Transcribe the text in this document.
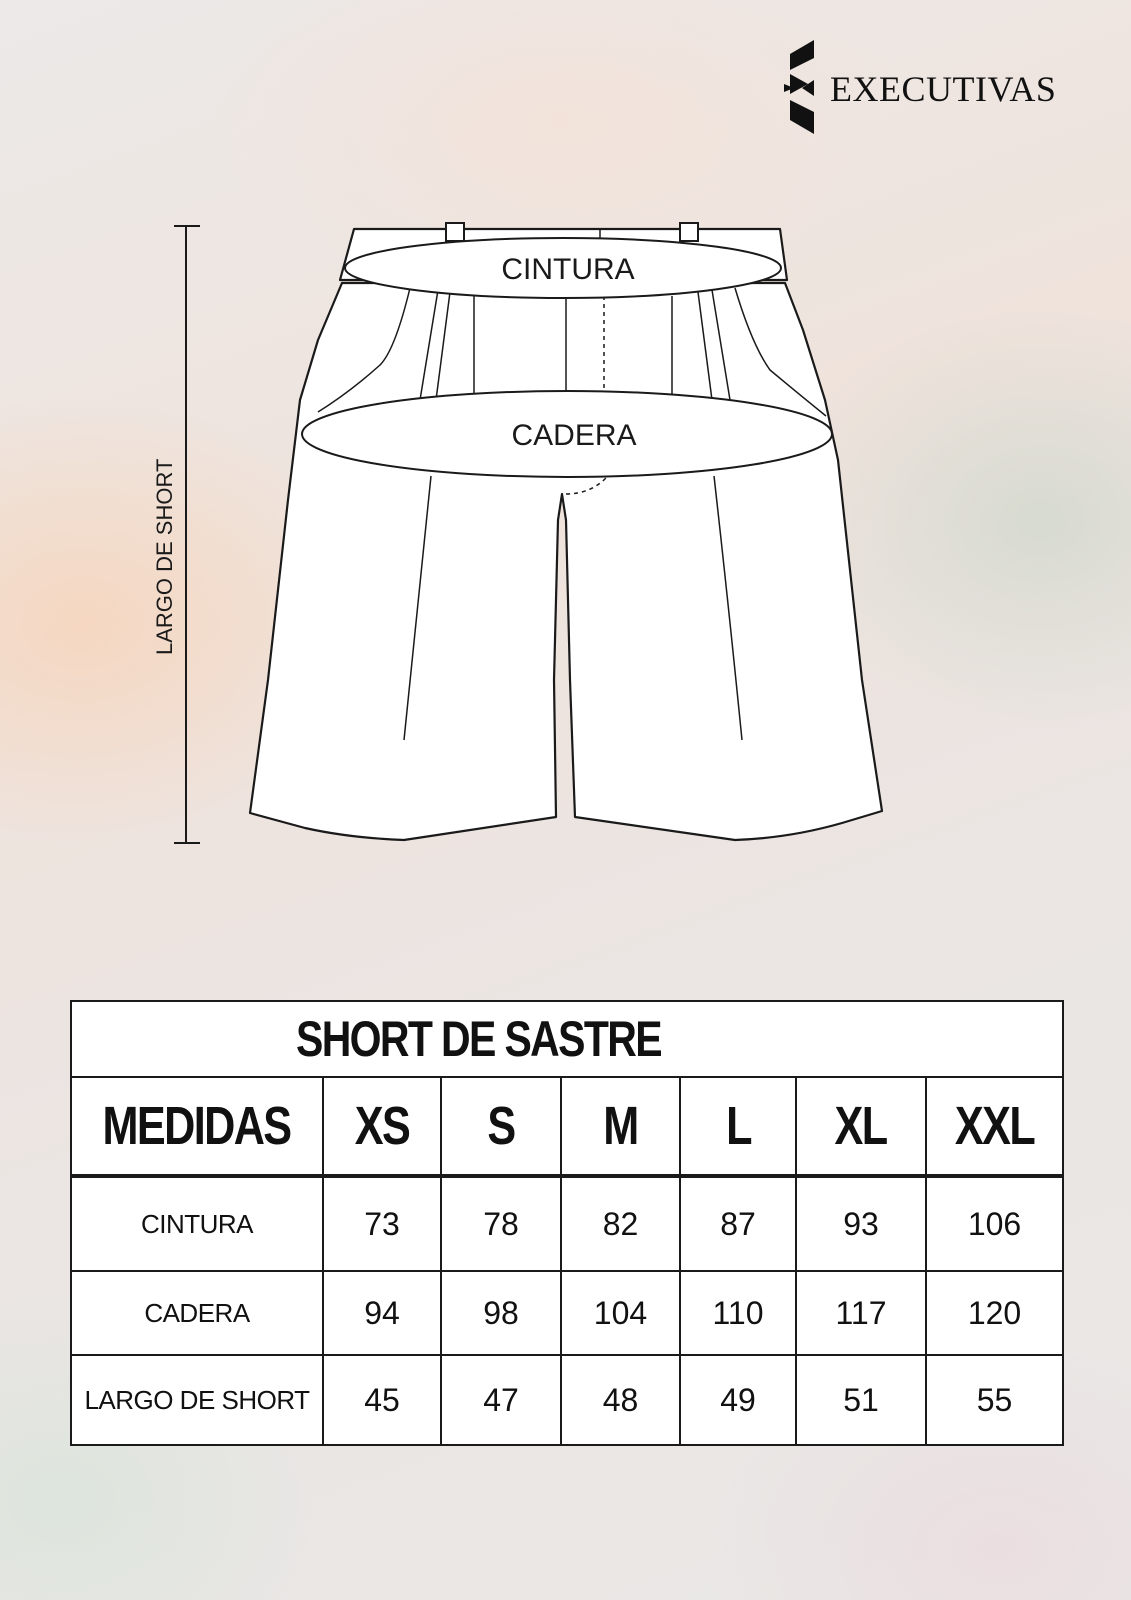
EXECUTIVAS
LARGO DE SHORT
CINTURA
CADERA
SHORT DE SASTRE						
MEDIDAS	XS	S	M	L	XL	XXL
CINTURA	73	78	82	87	93	106
CADERA	94	98	104	110	117	120
LARGO DE SHORT	45	47	48	49	51	55
